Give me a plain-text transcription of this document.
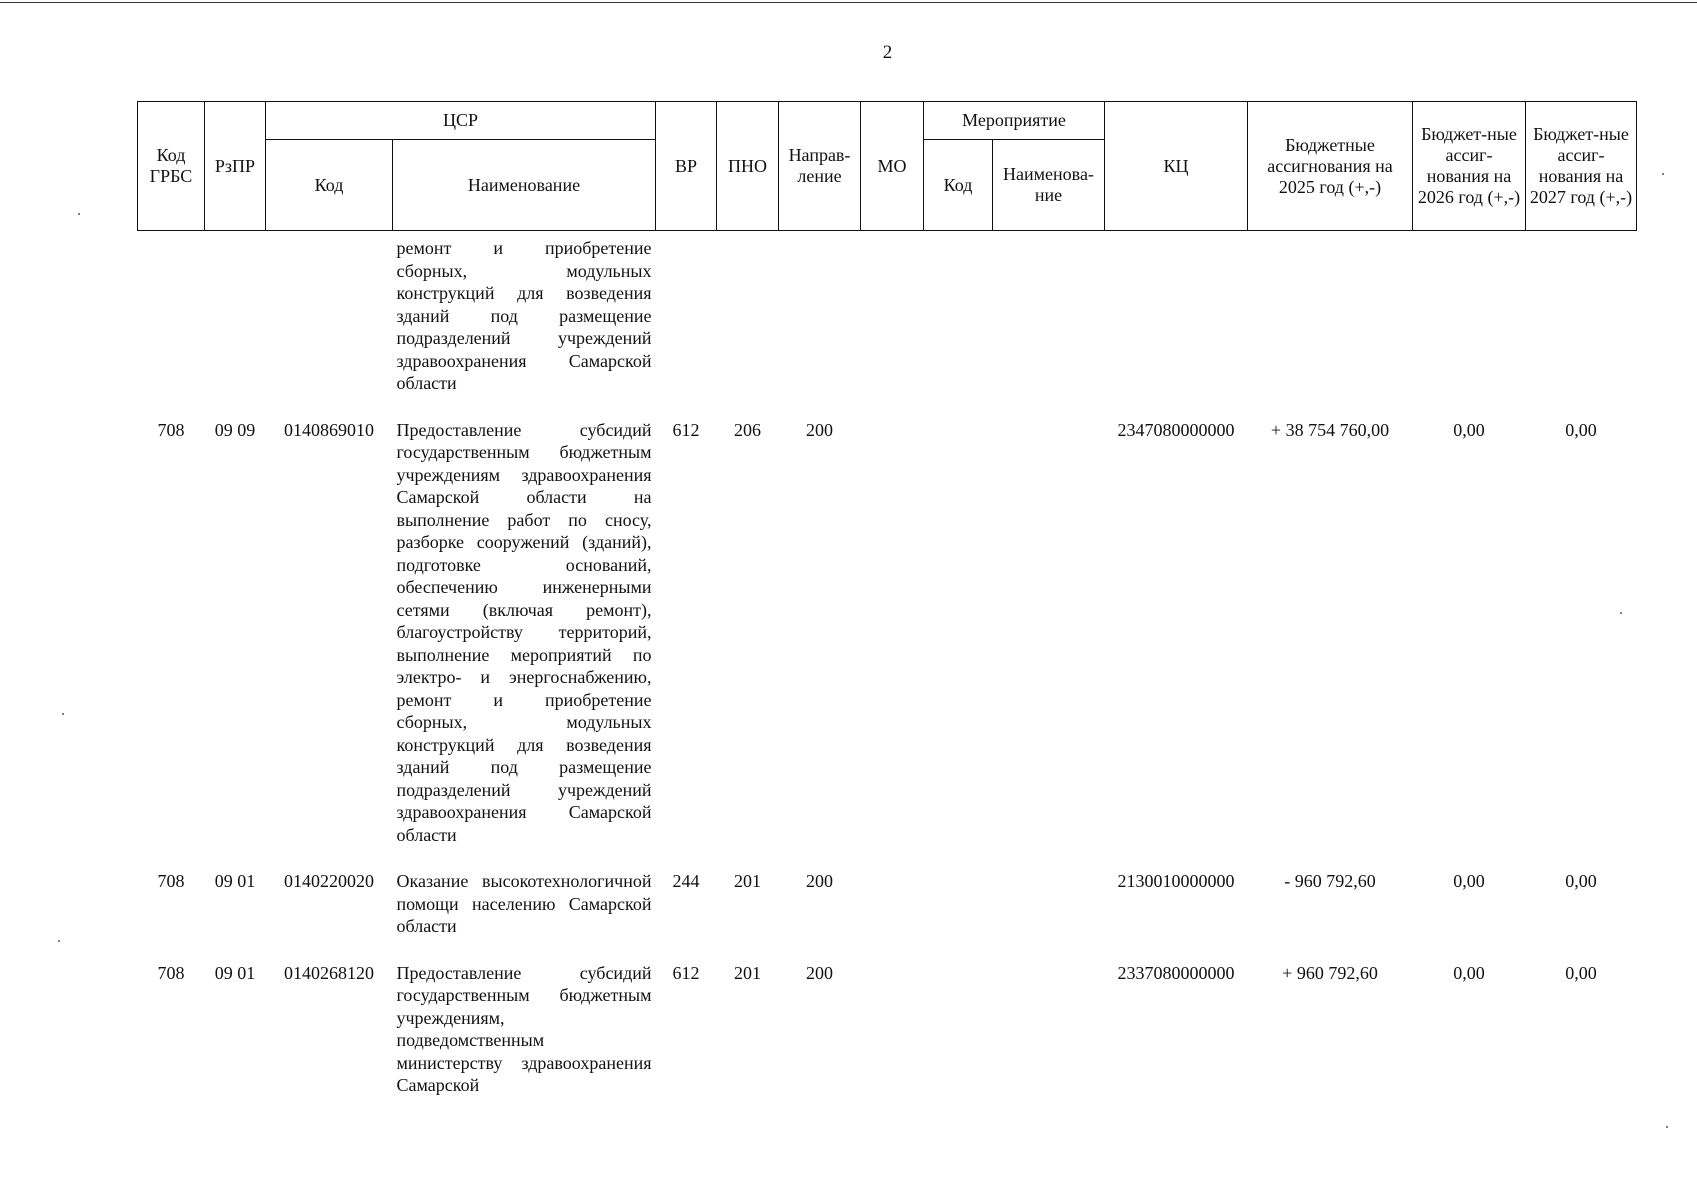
2
Код ГРБС	РзПР	ЦСР		ВР	ПНО	Направ-ление	МО	Мероприятие		КЦ	Бюджетные ассигнования на 2025 год (+,-)	Бюджет-ные ассиг-нования на 2026 год (+,-)	Бюджет-ные ассиг-нования на 2027 год (+,-)
		Код	Наименование					Код	Наименова-ние				
			ремонт и приобретение сборных, модульных конструкций для возведения зданий под размещение подразделений учреждений здравоохранения Самарской области										
708	09 09	0140869010	Предоставление субсидий государственным бюджетным учреждениям здравоохранения Самарской области на выполнение работ по сносу, разборке сооружений (зданий), подготовке оснований, обеспечению инженерными сетями (включая ремонт), благоустройству территорий, выполнение мероприятий по электро- и энергоснабжению, ремонт и приобретение сборных, модульных конструкций для возведения зданий под размещение подразделений учреждений здравоохранения Самарской области	612	206	200				2347080000000	+ 38 754 760,00	0,00	0,00
708	09 01	0140220020	Оказание высокотехнологичной помощи населению Самарской области	244	201	200				2130010000000	- 960 792,60	0,00	0,00
708	09 01	0140268120	Предоставление субсидий государственным бюджетным учреждениям, подведомственным министерству здравоохранения Самарской	612	201	200				2337080000000	+ 960 792,60	0,00	0,00
